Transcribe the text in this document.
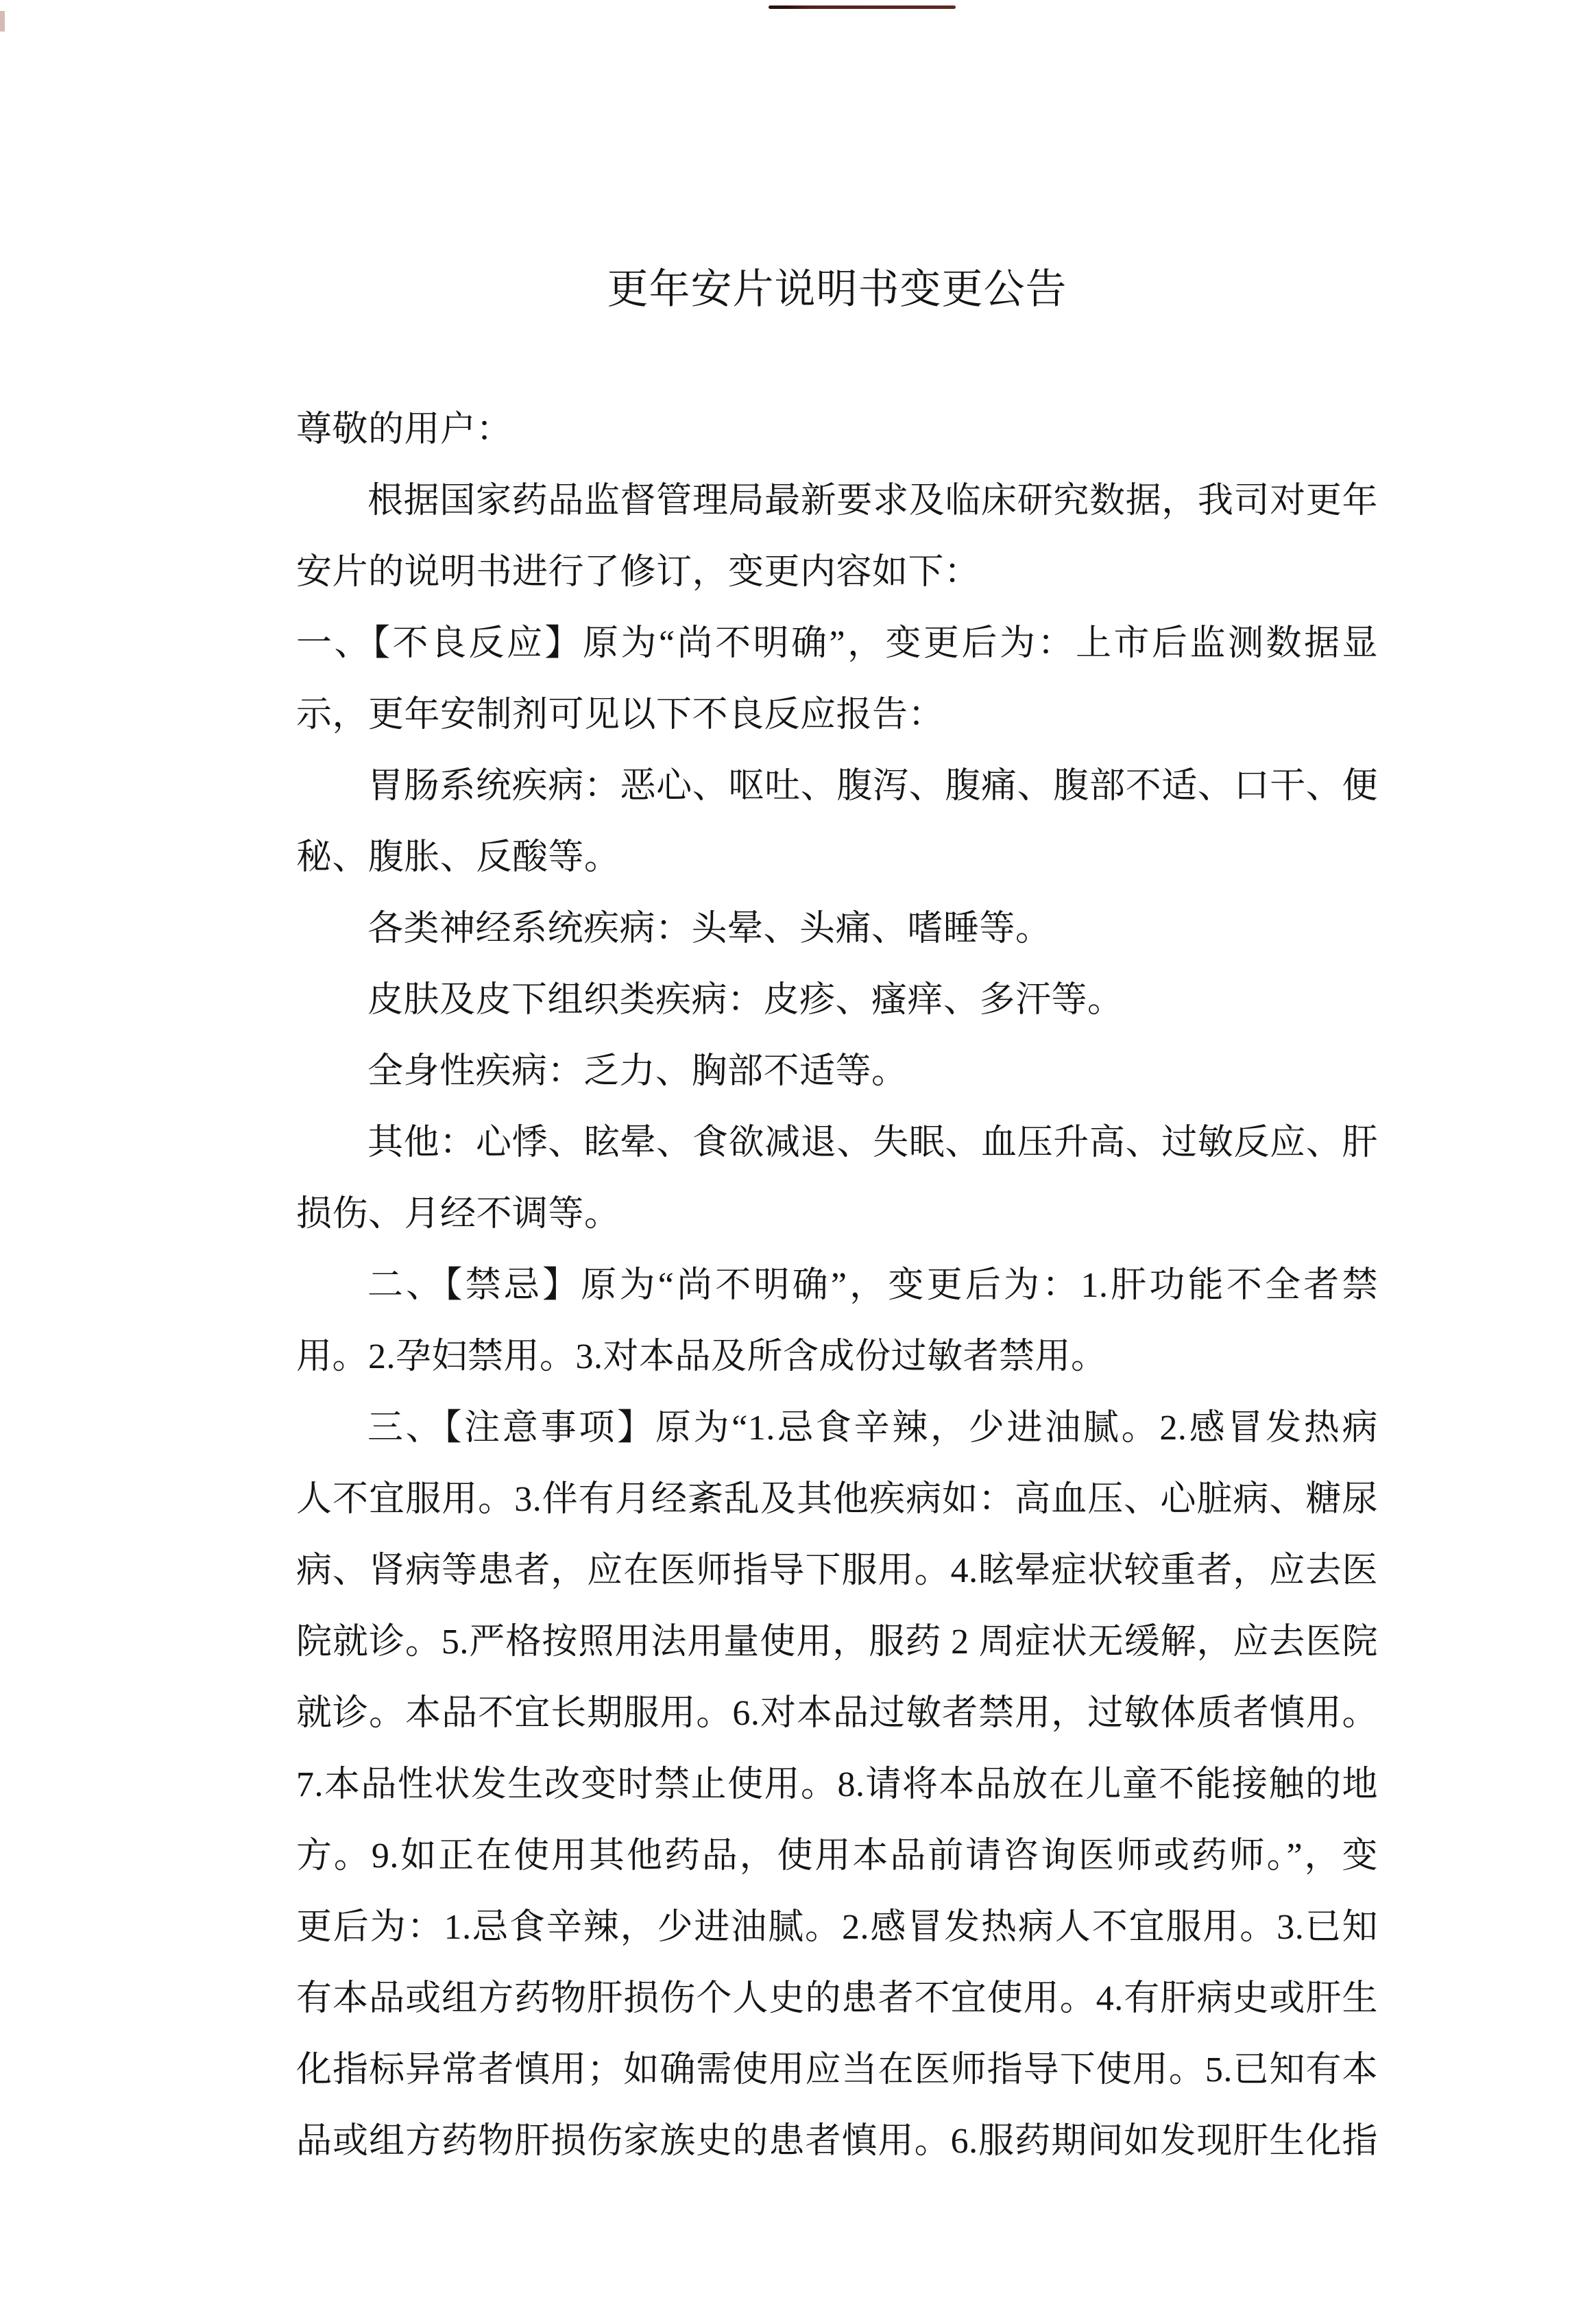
更年安片说明书变更公告
尊敬的用户：
根据国家药品监督管理局最新要求及临床研究数据，我司对更年
安片的说明书进行了修订，变更内容如下：
一、【不良反应】原为“尚不明确”，变更后为：上市后监测数据显
示，更年安制剂可见以下不良反应报告：
胃肠系统疾病：恶心、呕吐、腹泻、腹痛、腹部不适、口干、便
秘、腹胀、反酸等。
各类神经系统疾病：头晕、头痛、嗜睡等。
皮肤及皮下组织类疾病：皮疹、瘙痒、多汗等。
全身性疾病：乏力、胸部不适等。
其他：心悸、眩晕、食欲减退、失眠、血压升高、过敏反应、肝
损伤、月经不调等。
二、【禁忌】原为“尚不明确”，变更后为：1.肝功能不全者禁
用。2.孕妇禁用。3.对本品及所含成份过敏者禁用。
三、【注意事项】原为“1.忌食辛辣，少进油腻。2.感冒发热病
人不宜服用。3.伴有月经紊乱及其他疾病如：高血压、心脏病、糖尿
病、肾病等患者，应在医师指导下服用。4.眩晕症状较重者，应去医
院就诊。5.严格按照用法用量使用，服药 2 周症状无缓解，应去医院
就诊。本品不宜长期服用。6.对本品过敏者禁用，过敏体质者慎用。
7.本品性状发生改变时禁止使用。8.请将本品放在儿童不能接触的地
方。9.如正在使用其他药品，使用本品前请咨询医师或药师。”，变
更后为：1.忌食辛辣，少进油腻。2.感冒发热病人不宜服用。3.已知
有本品或组方药物肝损伤个人史的患者不宜使用。4.有肝病史或肝生
化指标异常者慎用；如确需使用应当在医师指导下使用。5.已知有本
品或组方药物肝损伤家族史的患者慎用。6.服药期间如发现肝生化指
